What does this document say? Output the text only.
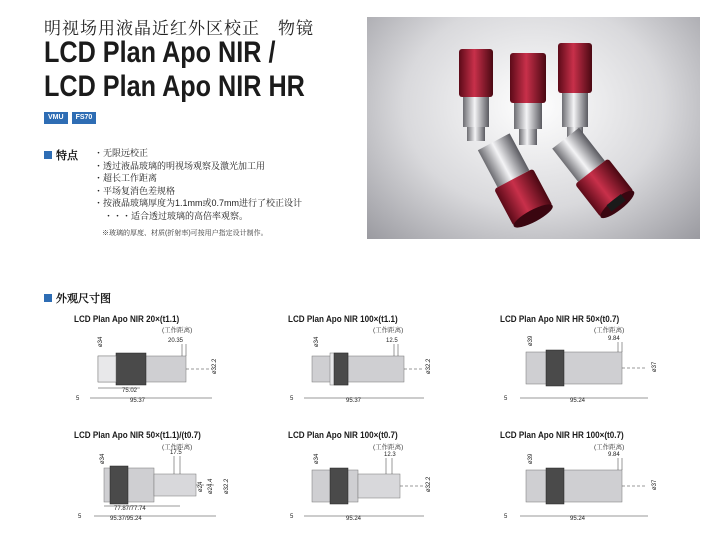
明视场用液晶近红外区校正　物镜
LCD Plan Apo NIR /
LCD Plan Apo NIR HR
VMU	FS70
特点 ・无限远校正
・透过液晶玻璃的明视场观察及激光加工用
・超长工作距离
・平场复消色差规格
・按液晶玻璃厚度为1.1mm或0.7mm进行了校正设计
・・・适合透过玻璃的高倍率观察。
※玻璃的厚度、材质(折射率)可按用户指定设计制作。
外观尺寸图
LCD Plan Apo NIR 20×(t1.1)
(工作距离)
20.35
ø34
ø32.2
75.02
95.37
5
LCD Plan Apo NIR 100×(t1.1)
(工作距离)
12.5
ø34
ø32.2
95.37
5
LCD Plan Apo NIR HR 50×(t0.7)
(工作距离)
9.84
ø39
ø37
95.24
5
LCD Plan Apo NIR 50×(t1.1)/(t0.7)
(工作距离)
17.5
ø34
ø24 ø24.4 ø32.2
77.87/77.74
95.37/95.24
5
LCD Plan Apo NIR 100×(t0.7)
(工作距离)
12.3
ø34
ø32.2
95.24
5
LCD Plan Apo NIR HR 100×(t0.7)
(工作距离)
9.84
ø39
ø37
95.24
5
